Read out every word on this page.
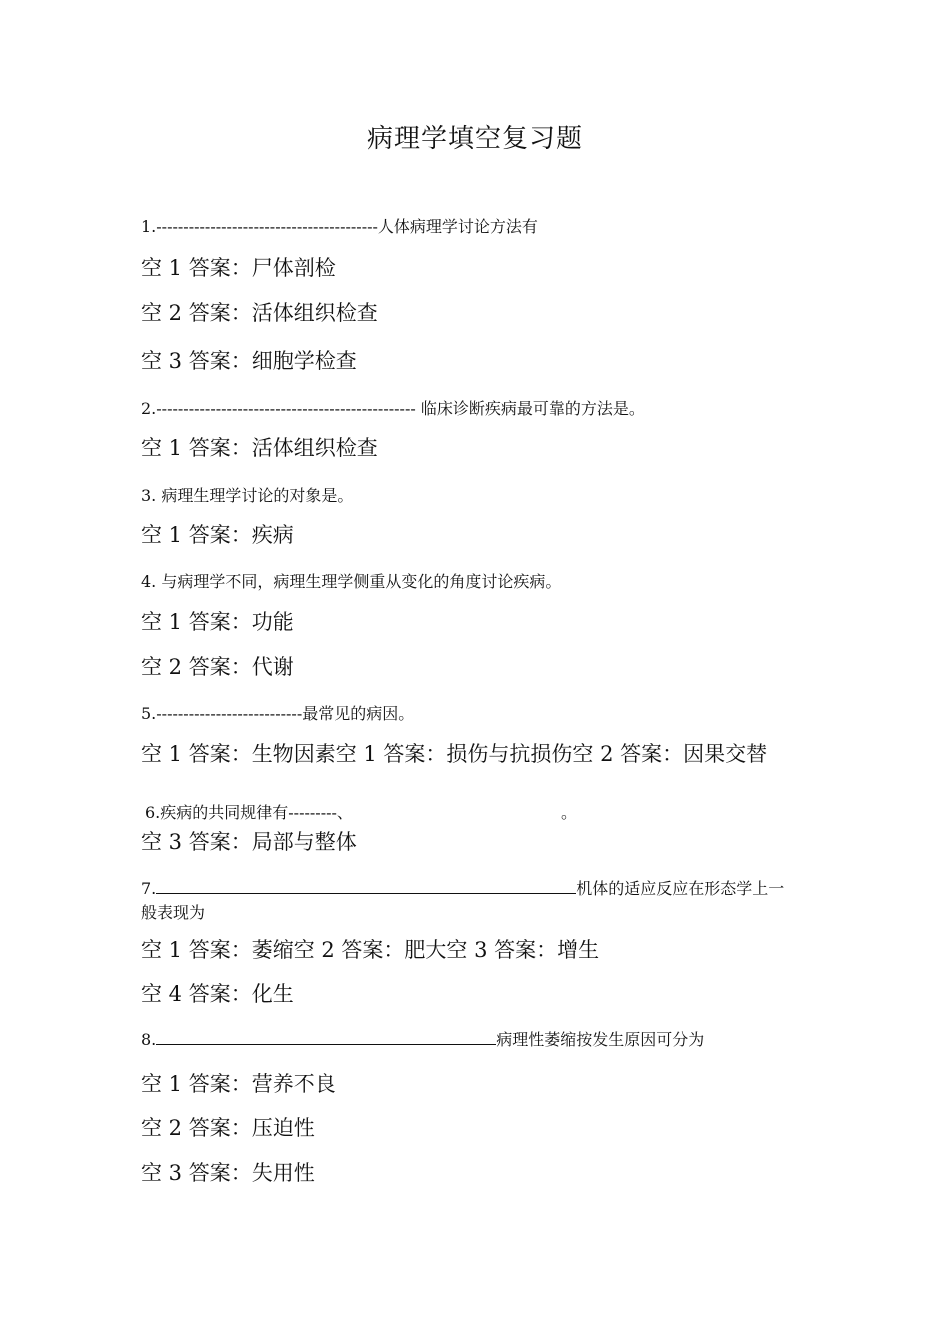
病理学填空复习题
1.-----------------------------------------人体病理学讨论方法有
空 1 答案：尸体剖检
空 2 答案：活体组织检查
空 3 答案：细胞学检查
2.------------------------------------------------ 临床诊断疾病最可靠的方法是。
空 1 答案：活体组织检查
3. 病理生理学讨论的对象是。
空 1 答案：疾病
4. 与病理学不同，病理生理学侧重从变化的角度讨论疾病。
空 1 答案：功能
空 2 答案：代谢
5.---------------------------最常见的病因。
空 1 答案：生物因素空 1 答案：损伤与抗损伤空 2 答案：因果交替
6.疾病的共同规律有---------、	。
空 3 答案：局部与整体
7.	机体的适应反应在形态学上一
般表现为
空 1 答案：萎缩空 2 答案：肥大空 3 答案：增生
空 4 答案：化生
8.	病理性萎缩按发生原因可分为
空 1 答案：营养不良
空 2 答案：压迫性
空 3 答案：失用性
